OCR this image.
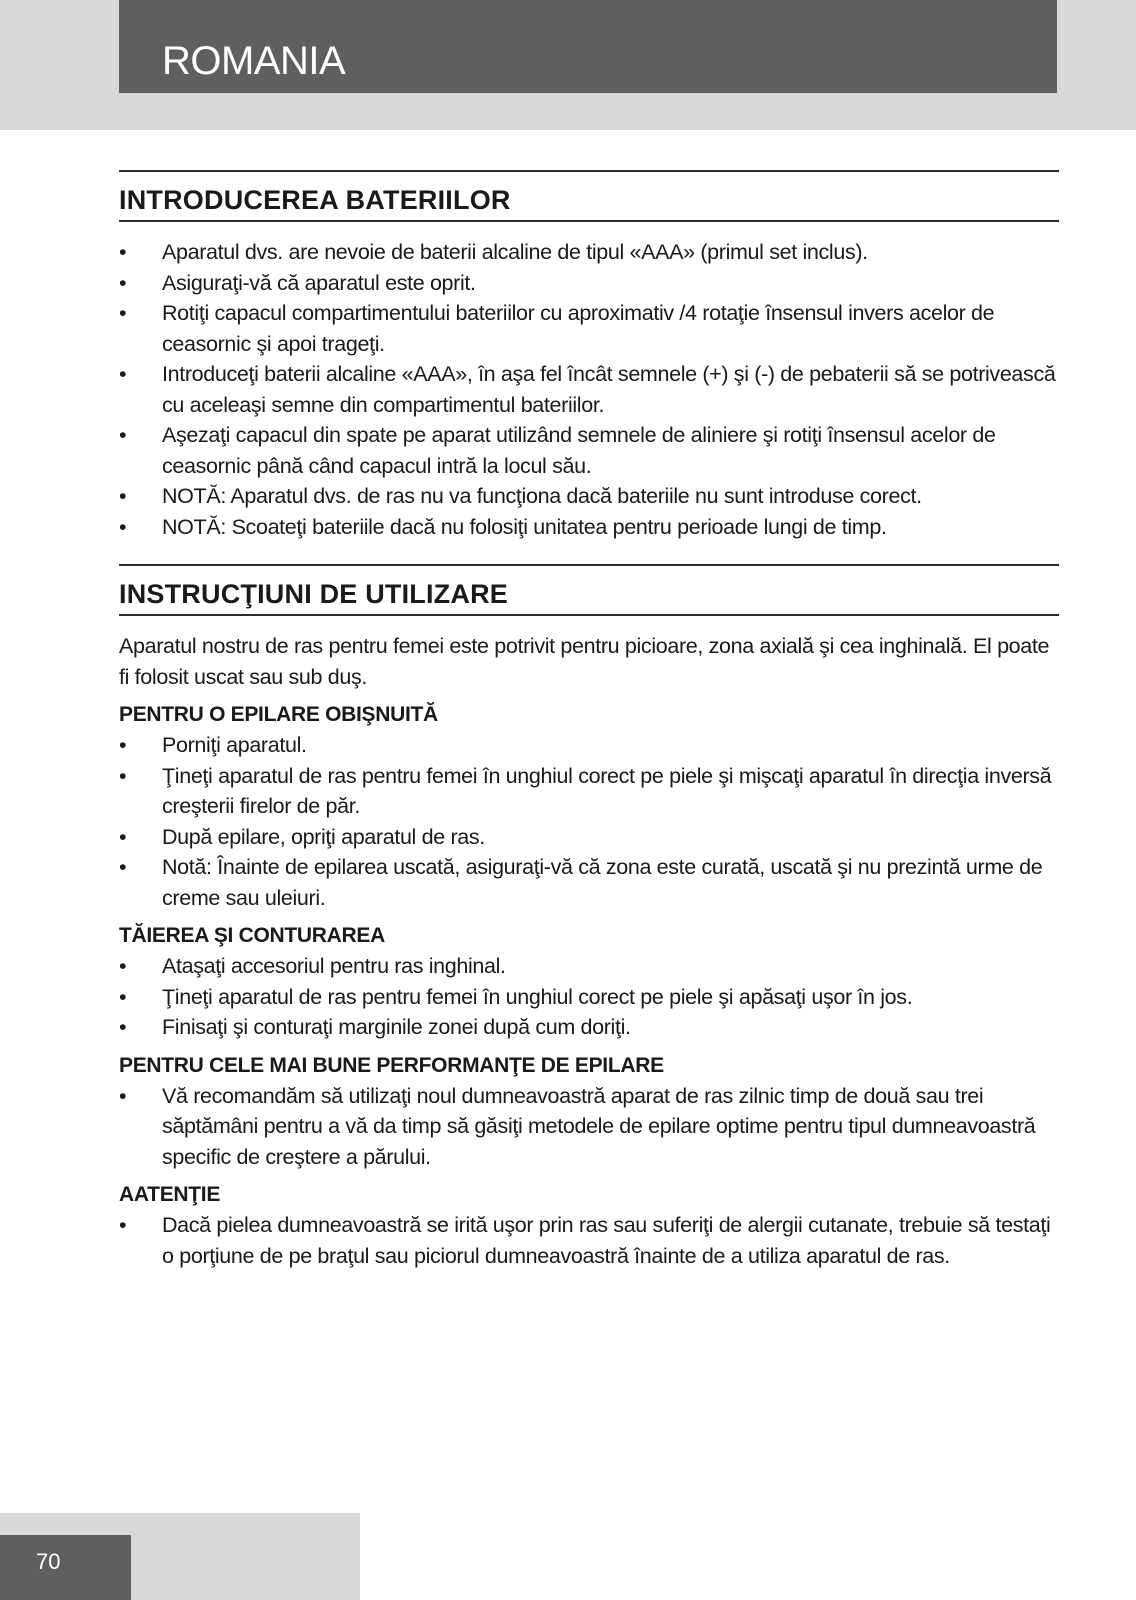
ROMANIA
INTRODUCEREA BATERIILOR
• Aparatul dvs. are nevoie de baterii alcaline de tipul «AAA» (primul set inclus).
• Asiguraţi-vă că aparatul este oprit.
• Rotiţi capacul compartimentului bateriilor cu aproximativ /4 rotaţie însensul invers acelor de ceasornic şi apoi trageţi.
• Introduceţi baterii alcaline «AAA», în aşa fel încât semnele (+) şi (-) de pebaterii să se potrivească cu aceleaşi semne din compartimentul bateriilor.
• Aşezaţi capacul din spate pe aparat utilizând semnele de aliniere şi rotiţi însensul acelor de ceasornic până când capacul intră la locul său.
• NOTĂ: Aparatul dvs. de ras nu va funcţiona dacă bateriile nu sunt introduse corect.
• NOTĂ: Scoateţi bateriile dacă nu folosiţi unitatea pentru perioade lungi de timp.
INSTRUCŢIUNI DE UTILIZARE

Aparatul nostru de ras pentru femei este potrivit pentru picioare, zona axială şi cea inghinală. El poate fi folosit uscat sau sub duş.

PENTRU O EPILARE OBIŞNUITĂ
• Porniţi aparatul.
• Ţineţi aparatul de ras pentru femei în unghiul corect pe piele şi mişcaţi aparatul în direcţia inversă creşterii firelor de păr.
• După epilare, opriţi aparatul de ras.
• Notă: Înainte de epilarea uscată, asiguraţi-vă că zona este curată, uscată şi nu prezintă urme de creme sau uleiuri.
TĂIEREA ŞI CONTURAREA
• Ataşaţi accesoriul pentru ras inghinal.
• Ţineţi aparatul de ras pentru femei în unghiul corect pe piele şi apăsaţi uşor în jos.
• Finisaţi şi conturaţi marginile zonei după cum doriţi.
PENTRU CELE MAI BUNE PERFORMANŢE DE EPILARE
• Vă recomandăm să utilizaţi noul dumneavoastră aparat de ras zilnic timp de două sau trei săptămâni pentru a vă da timp să găsiţi metodele de epilare optime pentru tipul dumneavoastră specific de creştere a părului.
AATENŢIE
• Dacă pielea dumneavoastră se irită uşor prin ras sau suferiţi de alergii cutanate, trebuie să testaţi o porţiune de pe braţul sau piciorul dumneavoastră înainte de a utiliza aparatul de ras.
70
